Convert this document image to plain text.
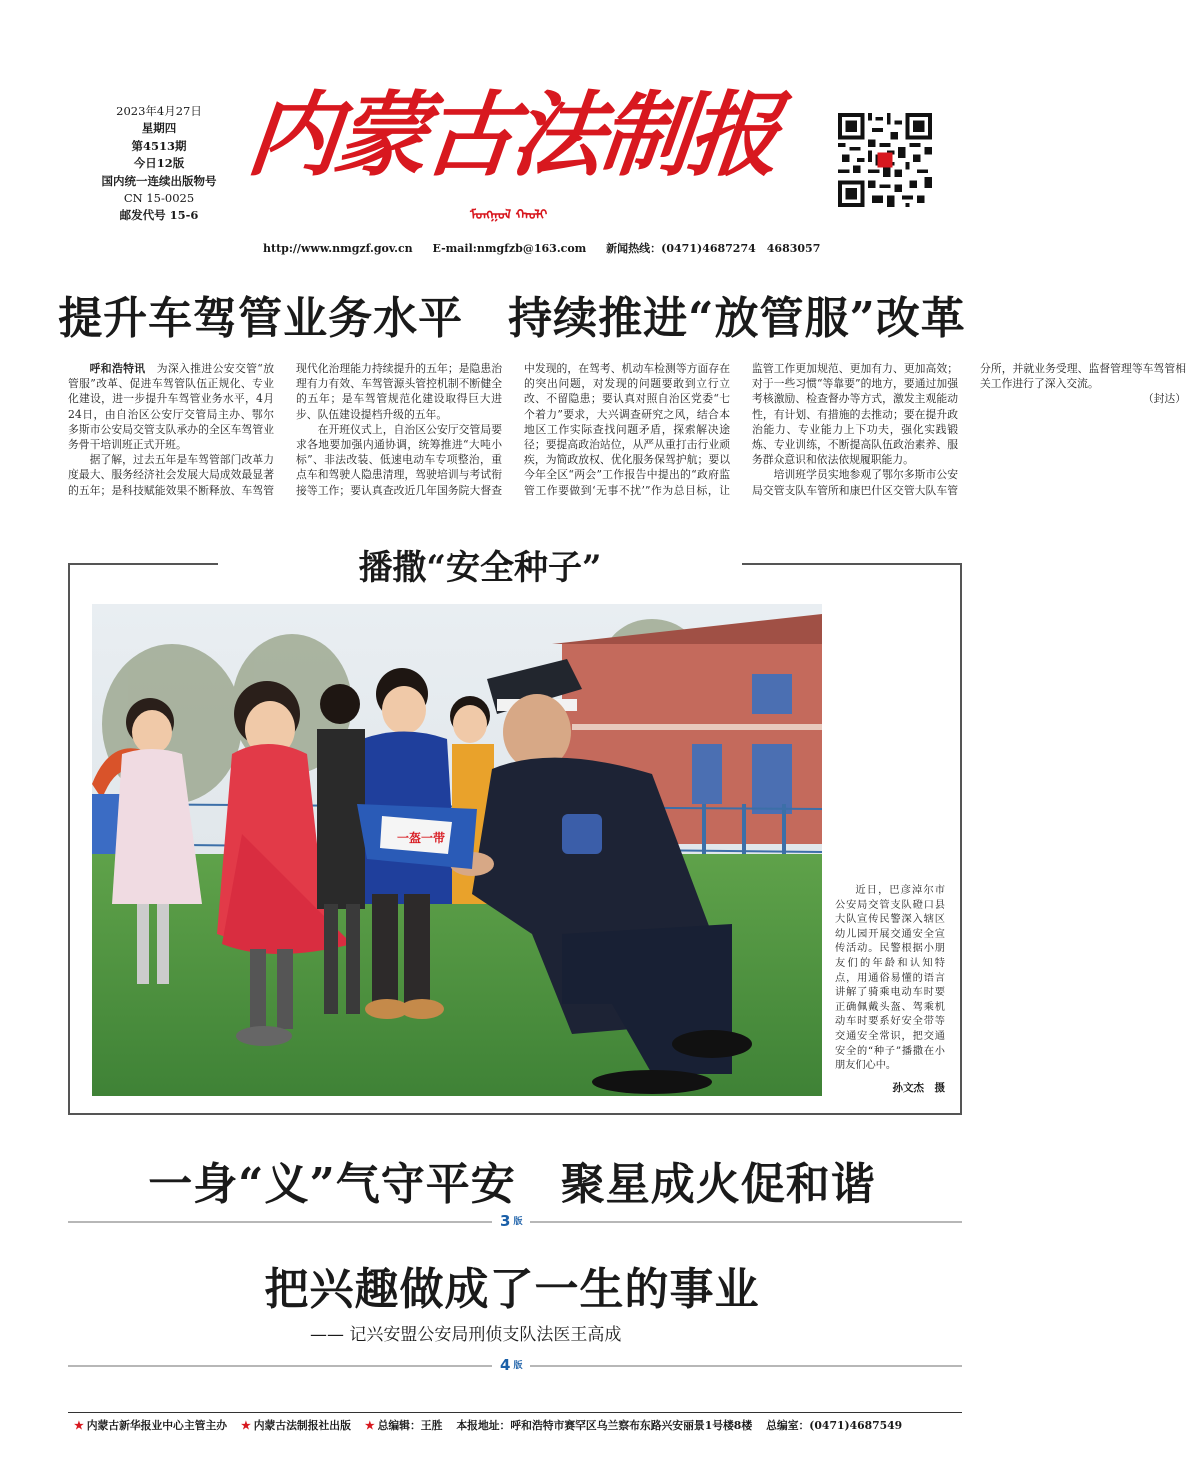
2023年4月27日
星期四
第4513期
今日12版
国内统一连续出版物号
CN 15-0025
邮发代号 15-6
内蒙古法制报
ᠮᠣᠩᠭᠣᠯ ᠬᠠᠤᠯᠢ
http://www.nmgzf.gov.cn E-mail:nmgfzb@163.com 新闻热线：(0471)4687274　4683057
提升车驾管业务水平　持续推进“放管服”改革

呼和浩特讯　 为深入推进公安交管“放管服”改革、促进车驾管队伍正规化、专业化建设，进一步提升车驾管业务水平，4月24日，由自治区公安厅交管局主办、鄂尔多斯市公安局交管支队承办的全区车驾管业务骨干培训班正式开班。

据了解，过去五年是车驾管部门改革力度最大、服务经济社会发展大局成效最显著的五年；是科技赋能效果不断释放、车驾管现代化治理能力持续提升的五年；是隐患治理有力有效、车驾管源头管控机制不断健全的五年；是车驾管规范化建设取得巨大进步、队伍建设提档升级的五年。

在开班仪式上，自治区公安厅交管局要求各地要加强内通协调，统筹推进“大吨小标”、非法改装、低速电动车专项整治，重点车和驾驶人隐患清理，驾驶培训与考试衔接等工作；要认真查改近几年国务院大督查中发现的，在驾考、机动车检测等方面存在的突出问题，对发现的问题要敢到立行立改、不留隐患；要认真对照自治区党委“七个着力”要求，大兴调查研究之风，结合本地区工作实际查找问题矛盾，探索解决途径；要提高政治站位，从严从重打击行业顽疾，为简政放权、优化服务保驾护航；要以今年全区“两会”工作报告中提出的“政府监管工作要做到‘无事不扰’”作为总目标，让监管工作更加规范、更加有力、更加高效；对于一些习惯“等靠要”的地方，要通过加强考核激励、检查督办等方式，激发主观能动性，有计划、有措施的去推动；要在提升政治能力、专业能力上下功夫，强化实践锻炼、专业训练，不断提高队伍政治素养、服务群众意识和依法依规履职能力。

培训班学员实地参观了鄂尔多斯市公安局交管支队车管所和康巴什区交管大队车管分所，并就业务受理、监督管理等车驾管相关工作进行了深入交流。

（封达）

播撒“安全种子”
一盔一带
近日，巴彦淖尔市公安局交管支队磴口县大队宣传民警深入辖区幼儿园开展交通安全宣传活动。民警根据小朋友们的年龄和认知特点，用通俗易懂的语言讲解了骑乘电动车时要正确佩戴头盔、驾乘机动车时要系好安全带等交通安全常识，把交通安全的“种子”播撒在小朋友们心中。
孙文杰　摄
一身“义”气守平安　聚星成火促和谐
3 版
把兴趣做成了一生的事业
—— 记兴安盟公安局刑侦支队法医王高成
4 版
★ 内蒙古新华报业中心主管主办 ★ 内蒙古法制报社出版 ★ 总编辑：王胜 本报地址：呼和浩特市赛罕区乌兰察布东路兴安丽景1号楼8楼 总编室：(0471)4687549
